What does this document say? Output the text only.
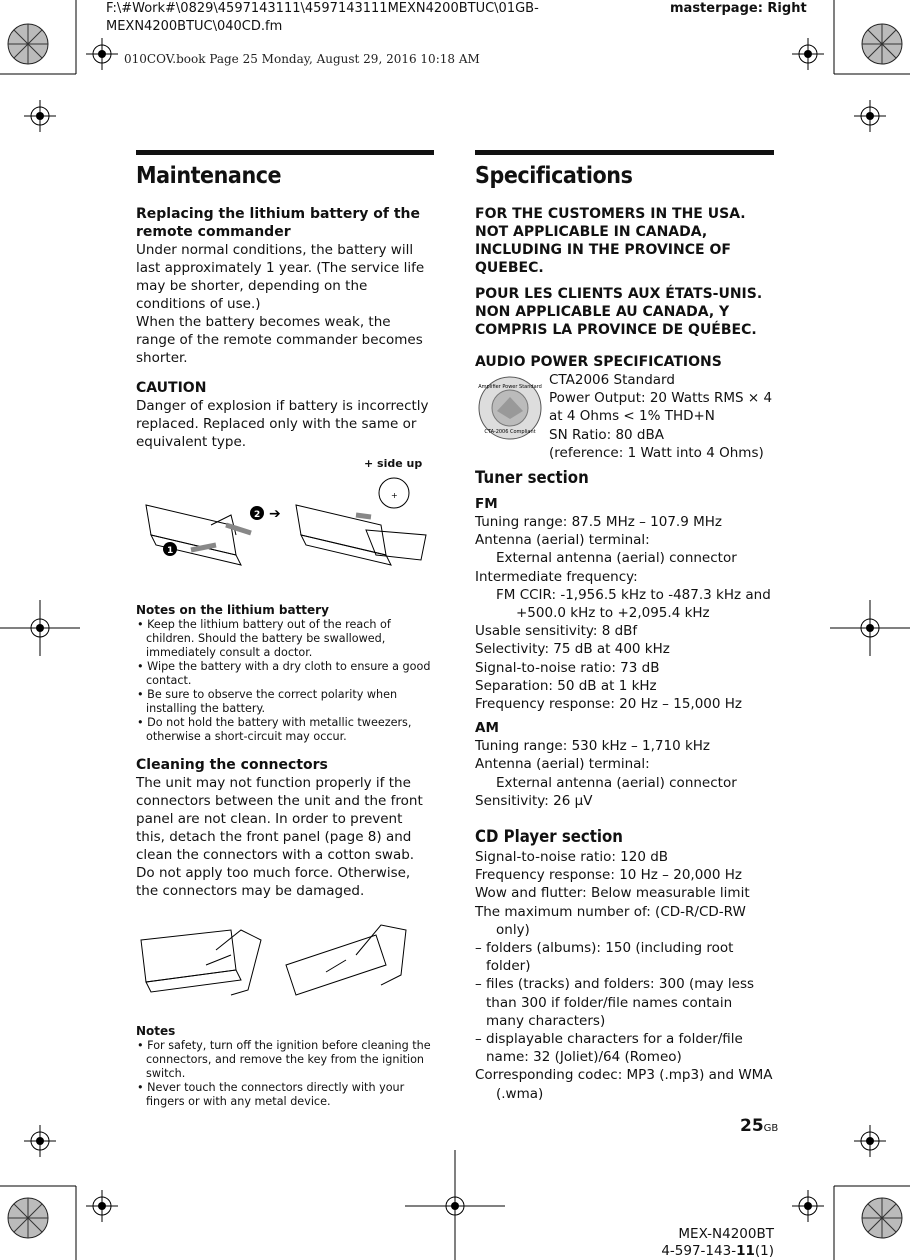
F:\#Work#\0829\4597143111\4597143111MEXN4200BTUC\01GB-
MEXN4200BTUC\040CD.fm
masterpage: Right
010COV.book Page 25 Monday, August 29, 2016 10:18 AM
Maintenance
Replacing the lithium battery of the remote commander
Under normal conditions, the battery will last approximately 1 year. (The service life may be shorter, depending on the conditions of use.)
When the battery becomes weak, the range of the remote commander becomes shorter.
CAUTION
Danger of explosion if battery is incorrectly replaced. Replaced only with the same or equivalent type.
+
1
2 ➔
+ side up
Notes on the lithium battery
• Keep the lithium battery out of the reach of children. Should the battery be swallowed, immediately consult a doctor.
• Wipe the battery with a dry cloth to ensure a good contact.
• Be sure to observe the correct polarity when installing the battery.
• Do not hold the battery with metallic tweezers, otherwise a short-circuit may occur.
Cleaning the connectors
The unit may not function properly if the connectors between the unit and the front panel are not clean. In order to prevent this, detach the front panel (page 8) and clean the connectors with a cotton swab. Do not apply too much force. Otherwise, the connectors may be damaged.
Notes
• For safety, turn off the ignition before cleaning the connectors, and remove the key from the ignition switch.
• Never touch the connectors directly with your fingers or with any metal device.
Specifications
FOR THE CUSTOMERS IN THE USA. NOT APPLICABLE IN CANADA, INCLUDING IN THE PROVINCE OF QUEBEC.
POUR LES CLIENTS AUX ÉTATS-UNIS. NON APPLICABLE AU CANADA, Y COMPRIS LA PROVINCE DE QUÉBEC.
AUDIO POWER SPECIFICATIONS
Amplifier Power Standard
CTA-2006 Compliant
CTA2006 Standard
Power Output: 20 Watts RMS × 4
at 4 Ohms < 1% THD+N
SN Ratio: 80 dBA
(reference: 1 Watt into 4 Ohms)
Tuner section
FM
Tuning range: 87.5 MHz – 107.9 MHz
Antenna (aerial) terminal:
External antenna (aerial) connector
Intermediate frequency:
FM CCIR: -1,956.5 kHz to -487.3 kHz and
+500.0 kHz to +2,095.4 kHz
Usable sensitivity: 8 dBf
Selectivity: 75 dB at 400 kHz
Signal-to-noise ratio: 73 dB
Separation: 50 dB at 1 kHz
Frequency response: 20 Hz – 15,000 Hz
AM
Tuning range: 530 kHz – 1,710 kHz
Antenna (aerial) terminal:
External antenna (aerial) connector
Sensitivity: 26 µV
CD Player section
Signal-to-noise ratio: 120 dB
Frequency response: 10 Hz – 20,000 Hz
Wow and flutter: Below measurable limit
The maximum number of: (CD-R/CD-RW only)
– folders (albums): 150 (including root folder)
– files (tracks) and folders: 300 (may less than 300 if folder/file names contain many characters)
– displayable characters for a folder/file name: 32 (Joliet)/64 (Romeo)
Corresponding codec: MP3 (.mp3) and WMA (.wma)
25GB
MEX-N4200BT
4-597-143-11(1)
